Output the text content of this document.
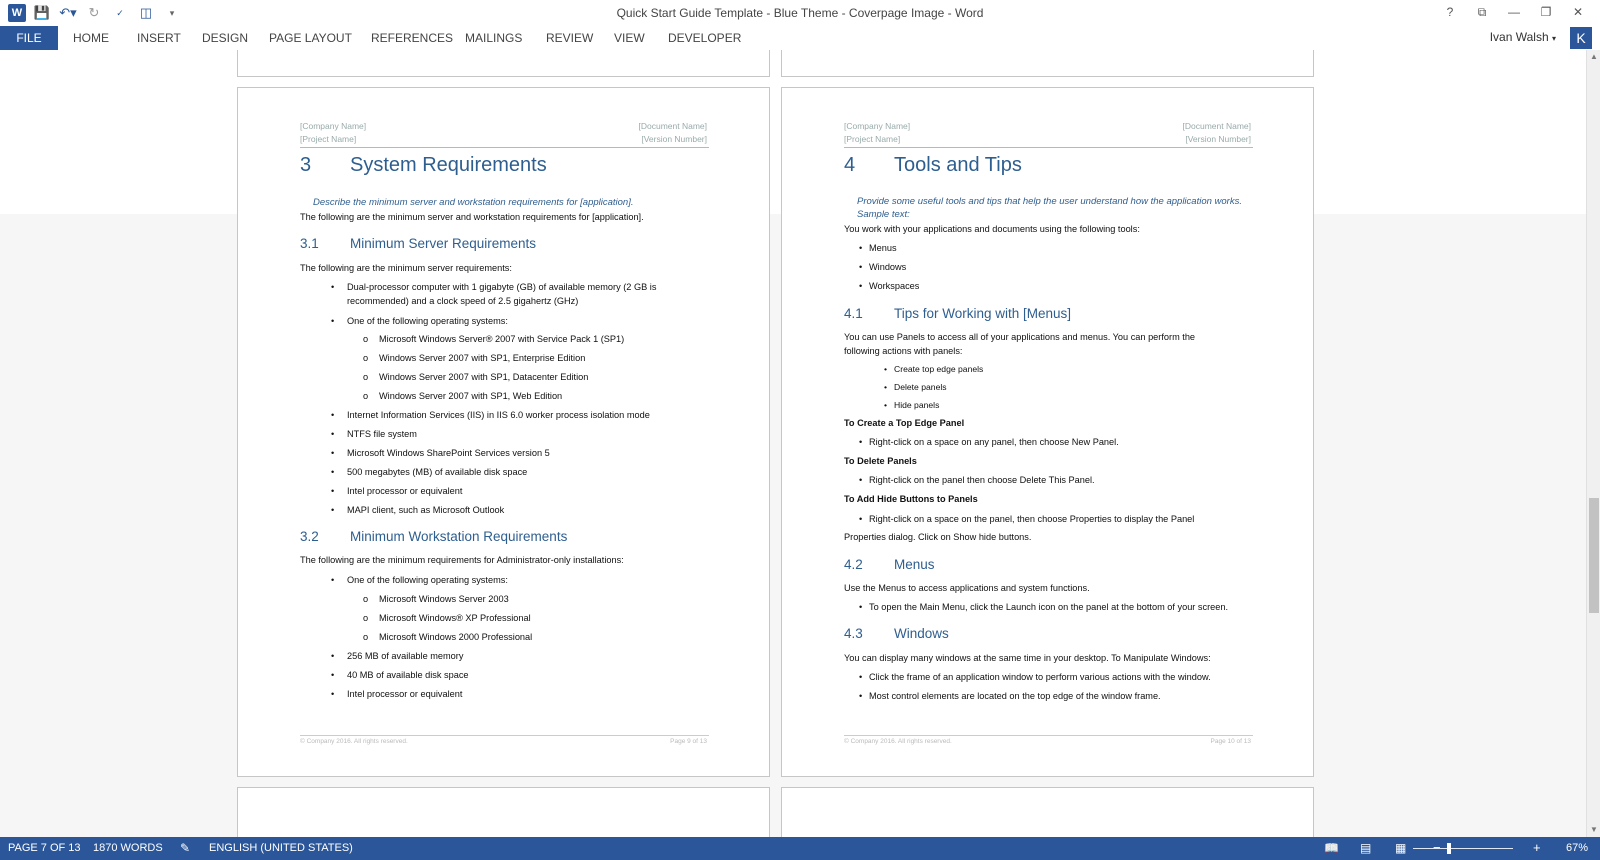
W 💾 ↶▾ ↻	✓	◫	▾	Quick Start Guide Template - Blue Theme - Coverpage Image - Word	?	⧉	—	❐	✕
FILE	HOME INSERT DESIGN PAGE LAYOUT REFERENCES MAILINGS REVIEW VIEW DEVELOPER	Ivan Walsh ▾	K
[Company Name]
[Project Name]
[Document Name]
[Version Number]
3 System Requirements
Describe the minimum server and workstation requirements for [application].
The following are the minimum server and workstation requirements for [application].
3.1 Minimum Server Requirements
The following are the minimum server requirements:
• Dual-processor computer with 1 gigabyte (GB) of available memory (2 GB is
recommended) and a clock speed of 2.5 gigahertz (GHz)
• One of the following operating systems:
o Microsoft Windows Server® 2007 with Service Pack 1 (SP1)
o Windows Server 2007 with SP1, Enterprise Edition
o Windows Server 2007 with SP1, Datacenter Edition
o Windows Server 2007 with SP1, Web Edition
• Internet Information Services (IIS) in IIS 6.0 worker process isolation mode
• NTFS file system
• Microsoft Windows SharePoint Services version 5
• 500 megabytes (MB) of available disk space
• Intel processor or equivalent
• MAPI client, such as Microsoft Outlook
3.2 Minimum Workstation Requirements
The following are the minimum requirements for Administrator-only installations:
• One of the following operating systems:
o Microsoft Windows Server 2003
o Microsoft Windows® XP Professional
o Microsoft Windows 2000 Professional
• 256 MB of available memory
• 40 MB of available disk space
• Intel processor or equivalent
© Company 2016. All rights reserved.	Page 9 of 13
[Company Name]
[Project Name]
[Document Name]
[Version Number]
4 Tools and Tips
Provide some useful tools and tips that help the user understand how the application works. Sample text:
You work with your applications and documents using the following tools:
• Menus
• Windows
• Workspaces
4.1 Tips for Working with [Menus]
You can use Panels to access all of your applications and menus. You can perform the
following actions with panels:
• Create top edge panels
• Delete panels
• Hide panels
To Create a Top Edge Panel
• Right-click on a space on any panel, then choose New Panel.
To Delete Panels
• Right-click on the panel then choose Delete This Panel.
To Add Hide Buttons to Panels
• Right-click on a space on the panel, then choose Properties to display the Panel
Properties dialog. Click on Show hide buttons.
4.2 Menus
Use the Menus to access applications and system functions.
• To open the Main Menu, click the Launch icon on the panel at the bottom of your screen.
4.3 Windows
You can display many windows at the same time in your desktop. To Manipulate Windows:
• Click the frame of an application window to perform various actions with the window.
• Most control elements are located on the top edge of the window frame.
© Company 2016. All rights reserved.	Page 10 of 13
▲
▼
PAGE 7 OF 13 1870 WORDS ✎ ENGLISH (UNITED STATES)	📖 ▤ ▦	+ 67%
